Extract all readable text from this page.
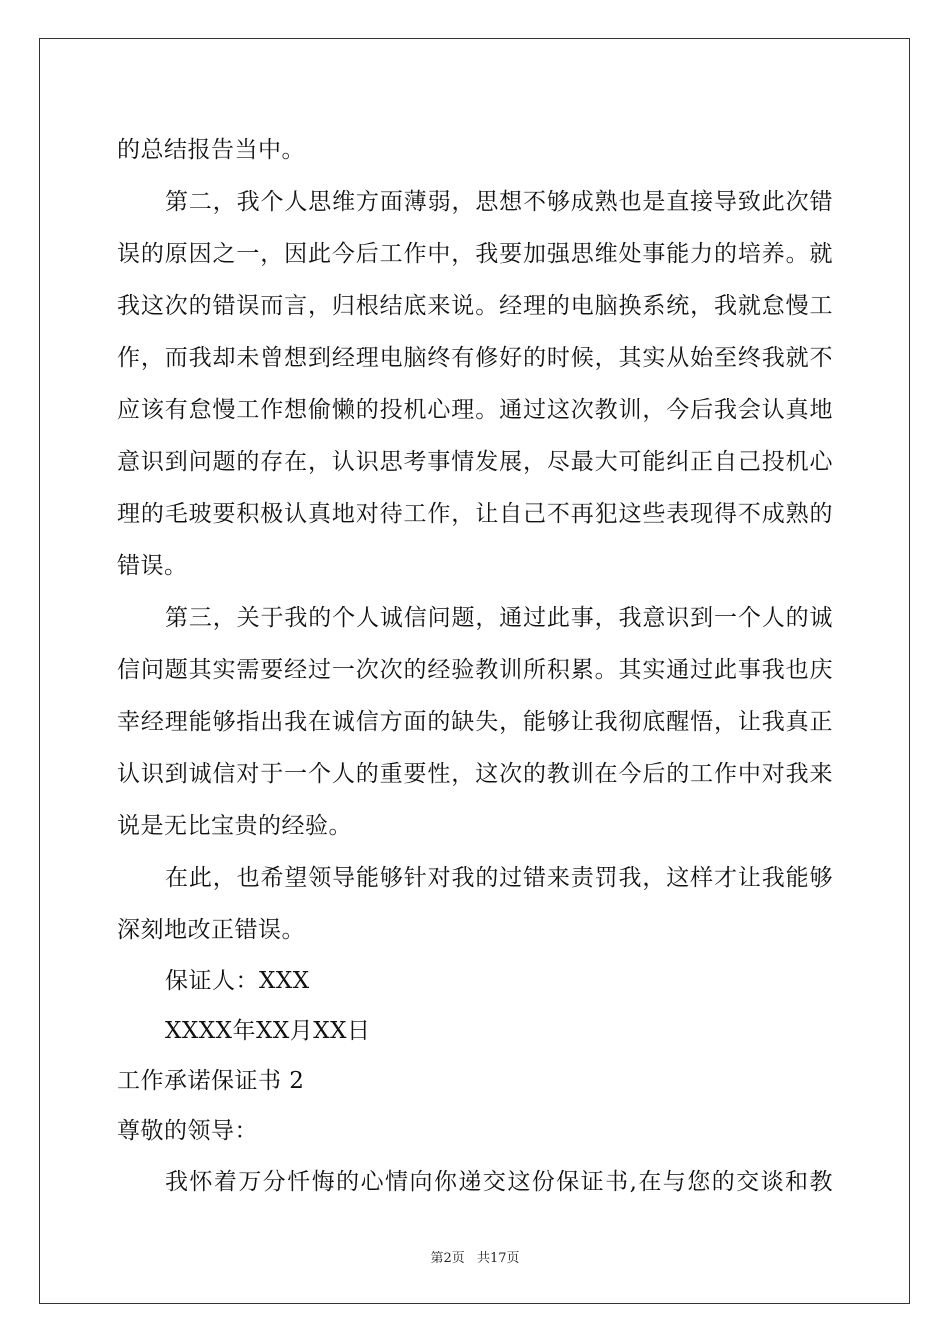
的总结报告当中。
第二，我个人思维方面薄弱，思想不够成熟也是直接导致此次错
误的原因之一，因此今后工作中，我要加强思维处事能力的培养。就
我这次的错误而言，归根结底来说。经理的电脑换系统，我就怠慢工
作，而我却未曾想到经理电脑终有修好的时候，其实从始至终我就不
应该有怠慢工作想偷懒的投机心理。通过这次教训，今后我会认真地
意识到问题的存在，认识思考事情发展，尽最大可能纠正自己投机心
理的毛玻要积极认真地对待工作，让自己不再犯这些表现得不成熟的
错误。
第三，关于我的个人诚信问题，通过此事，我意识到一个人的诚
信问题其实需要经过一次次的经验教训所积累。其实通过此事我也庆
幸经理能够指出我在诚信方面的缺失，能够让我彻底醒悟，让我真正
认识到诚信对于一个人的重要性，这次的教训在今后的工作中对我来
说是无比宝贵的经验。
在此，也希望领导能够针对我的过错来责罚我，这样才让我能够
深刻地改正错误。
保证人：XXX
XXXX年XX月XX日
工作承诺保证书 2
尊敬的领导：
我怀着万分忏悔的心情向你递交这份保证书,在与您的交谈和教
第2页 共17页
